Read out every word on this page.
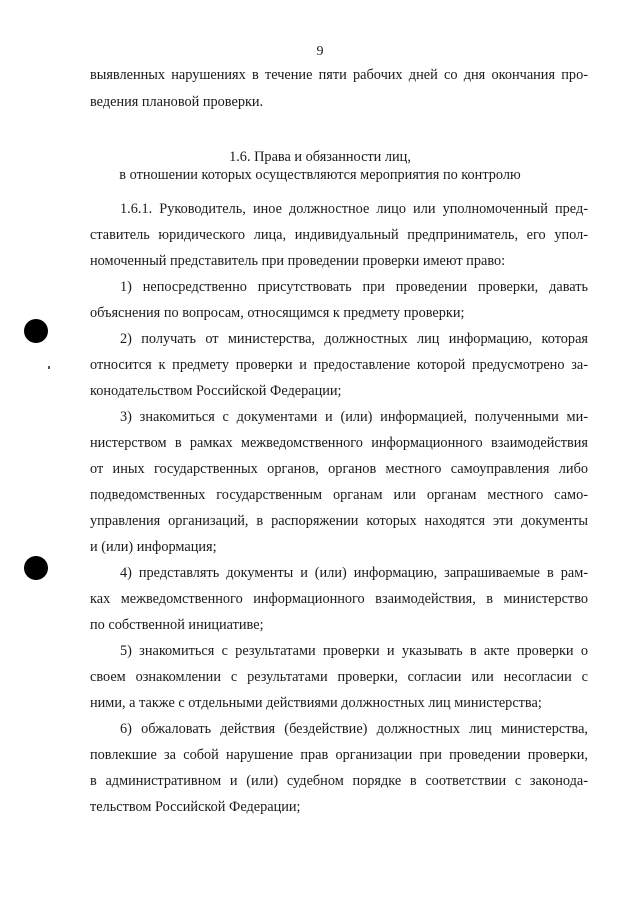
9
выявленных нарушениях в течение пяти рабочих дней со дня окончания про-
ведения плановой проверки.
1.6. Права и обязанности лиц,
в отношении которых осуществляются мероприятия по контролю
1.6.1. Руководитель, иное должностное лицо или уполномоченный пред-
ставитель юридического лица, индивидуальный предприниматель, его упол-
номоченный представитель при проведении проверки имеют право:
1) непосредственно присутствовать при проведении проверки, давать
объяснения по вопросам, относящимся к предмету проверки;
2) получать от министерства, должностных лиц информацию, которая
относится к предмету проверки и предоставление которой предусмотрено за-
конодательством Российской Федерации;
3) знакомиться с документами и (или) информацией, полученными ми-
нистерством в рамках межведомственного информационного взаимодействия
от иных государственных органов, органов местного самоуправления либо
подведомственных государственным органам или органам местного само-
управления организаций, в распоряжении которых находятся эти документы
и (или) информация;
4) представлять документы и (или) информацию, запрашиваемые в рам-
ках межведомственного информационного взаимодействия, в министерство
по собственной инициативе;
5) знакомиться с результатами проверки и указывать в акте проверки о
своем ознакомлении с результатами проверки, согласии или несогласии с
ними, а также с отдельными действиями должностных лиц министерства;
6) обжаловать действия (бездействие) должностных лиц министерства,
повлекшие за собой нарушение прав организации при проведении проверки,
в административном и (или) судебном порядке в соответствии с законода-
тельством Российской Федерации;
